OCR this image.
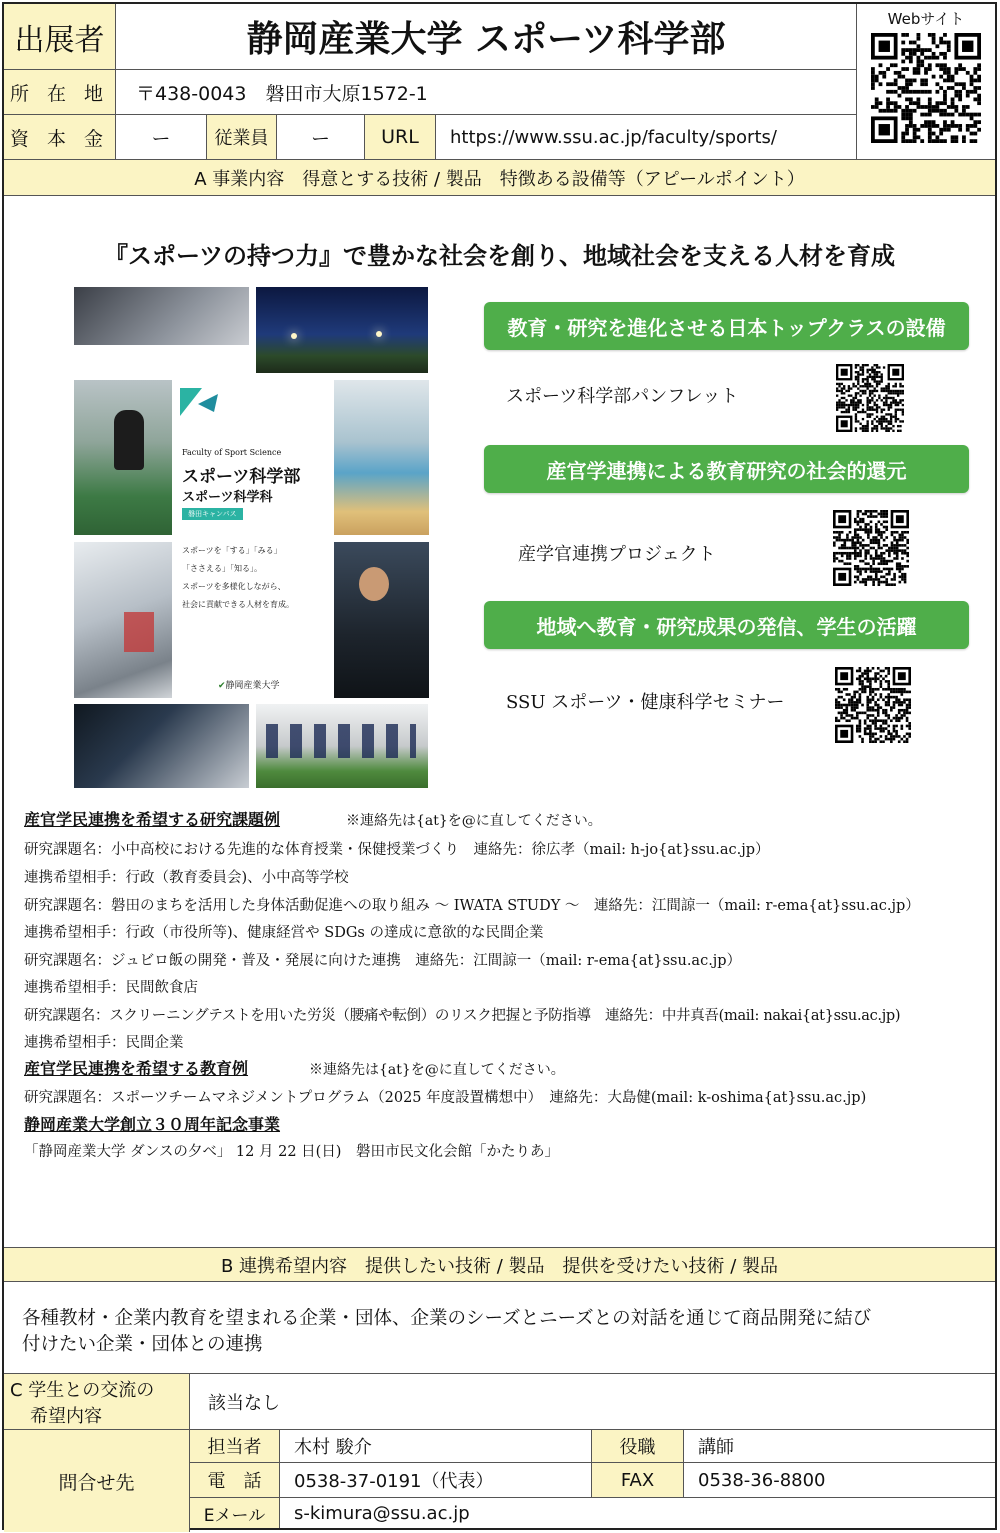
出展者	静岡産業大学 スポーツ科学部	Webサイト
所 在 地	〒438-0043　磐田市大原1572-1
資 本 金	ー	従業員	ー	URL	https://www.ssu.ac.jp/faculty/sports/
A 事業内容　得意とする技術 / 製品　特徴ある設備等（アピールポイント）
『スポーツの持つ力』で豊かな社会を創り、地域社会を支える人材を育成
Faculty of Sport Science
スポーツ科学部
スポーツ科学科
磐田キャンパス
スポーツを「する」「みる」
「ささえる」「知る」。
スポーツを多様化しながら、
社会に貢献できる人材を育成。
✔静岡産業大学
教育・研究を進化させる日本トップクラスの設備
スポーツ科学部パンフレット
産官学連携による教育研究の社会的還元
産学官連携プロジェクト
地域へ教育・研究成果の発信、学生の活躍
SSU スポーツ・健康科学セミナー
産官学民連携を希望する研究課題例	※連絡先は{at}を@に直してください。
研究課題名：小中高校における先進的な体育授業・保健授業づくり　連絡先：徐広孝（mail: h-jo{at}ssu.ac.jp）
連携希望相手：行政（教育委員会)、小中高等学校
研究課題名：磐田のまちを活用した身体活動促進への取り組み ～ IWATA STUDY ～　連絡先：江間諒一（mail: r-ema{at}ssu.ac.jp）
連携希望相手：行政（市役所等)、健康経営や SDGs の達成に意欲的な民間企業
研究課題名：ジュビロ飯の開発・普及・発展に向けた連携　連絡先：江間諒一（mail: r-ema{at}ssu.ac.jp）
連携希望相手：民間飲食店
研究課題名：スクリーニングテストを用いた労災（腰痛や転倒）のリスク把握と予防指導　連絡先：中井真吾(mail: nakai{at}ssu.ac.jp)
連携希望相手：民間企業
産官学民連携を希望する教育例	※連絡先は{at}を@に直してください。
研究課題名：スポーツチームマネジメントプログラム（2025 年度設置構想中）　連絡先：大島健(mail: k-oshima{at}ssu.ac.jp)
静岡産業大学創立３０周年記念事業
「静岡産業大学 ダンスの夕べ」 12 月 22 日(日)　磐田市民文化会館「かたりあ」
B 連携希望内容　提供したい技術 / 製品　提供を受けたい技術 / 製品
各種教材・企業内教育を望まれる企業・団体、企業のシーズとニーズとの対話を通じて商品開発に結び
付けたい企業・団体との連携
C 学生との交流の
希望内容
該当なし
問合せ先
担当者	木村 駿介	役職	講師
電　話	0538-37-0191（代表）	FAX	0538-36-8800
Eメール	s-kimura@ssu.ac.jp
